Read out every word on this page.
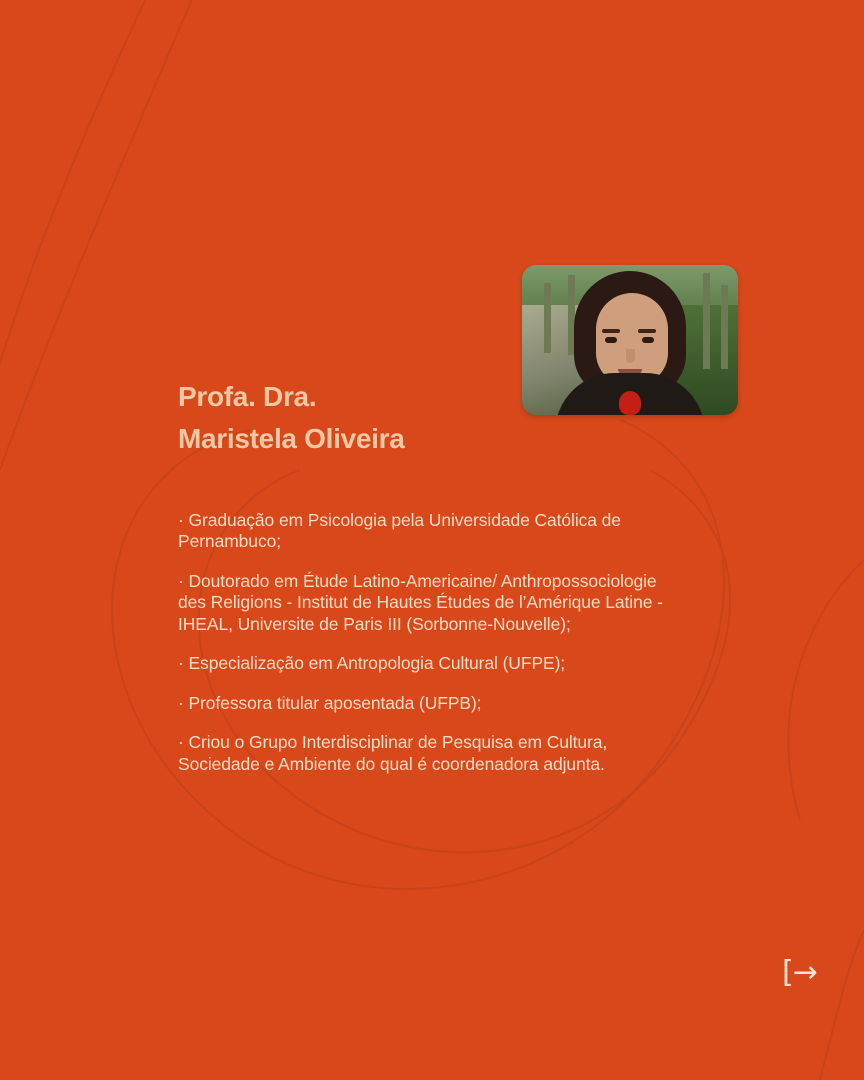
Profa. Dra.
Maristela Oliveira

· Graduação em Psicologia pela Universidade Católica de Pernambuco;

· Doutorado em Étude Latino-Americaine/ Anthropossociologie des Religions - Institut de Hautes Études de l’Amérique Latine - IHEAL, Universite de Paris III (Sorbonne-Nouvelle);

· Especialização em Antropologia Cultural (UFPE);

· Professora titular aposentada (UFPB);

· Criou o Grupo Interdisciplinar de Pesquisa em Cultura, Sociedade e Ambiente do qual é coordenadora adjunta.

[→
